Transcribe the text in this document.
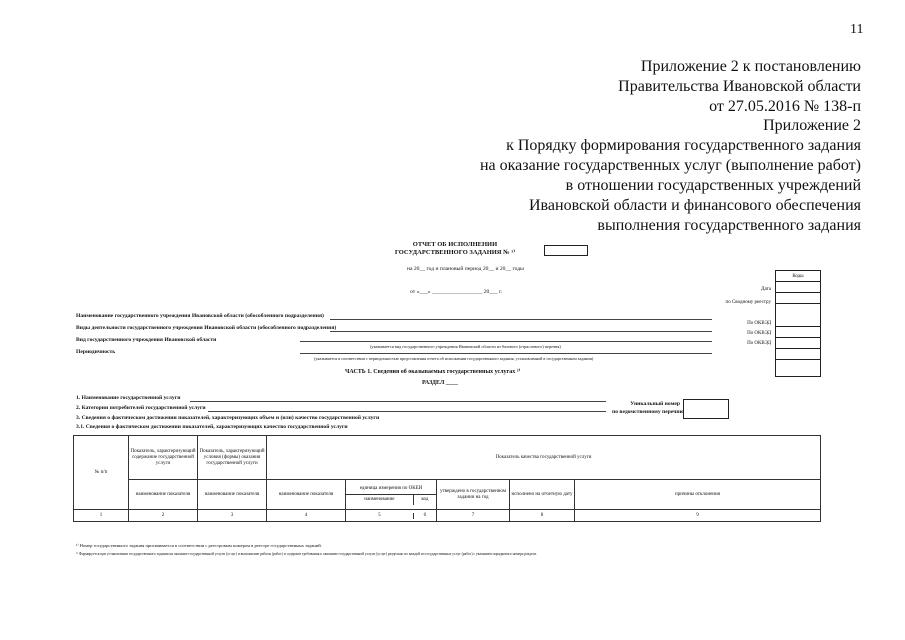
11
Приложение 2 к постановлению
Правительства Ивановской области
от 27.05.2016 № 138-п
Приложение 2
к Порядку формирования государственного задания
на оказание государственных услуг (выполнение работ)
в отношении государственных учреждений
Ивановской области и финансового обеспечения
выполнения государственного задания
ОТЧЕТ ОБ ИСПОЛНЕНИИ
ГОСУДАРСТВЕННОГО ЗАДАНИЯ № ¹⁾
на 20__ год и плановый период 20__ и 20__ годы
от «___» __________________ 20___ г.
Коды

Дата
по Сводному реестру
По ОКВЭД
По ОКВЭД
По ОКВЭД
Наименование государственного учреждения Ивановской области (обособленного подразделения)
Виды деятельности государственного учреждения Ивановской области (обособленного подразделения)
Вид государственного учреждения Ивановской области
(указывается вид государственного учреждения Ивановской области из базового (отраслевого) перечня)
Периодичность
(указывается в соответствии с периодичностью представления отчета об исполнении государственного задания, установленной в государственном задании)
ЧАСТЬ 1. Сведения об оказываемых государственных услугах ²⁾
РАЗДЕЛ ____
1. Наименование государственной услуги
2. Категории потребителей государственной услуги
3. Сведения о фактическом достижении показателей, характеризующих объем и (или) качество государственной услуги
3.1. Сведения о фактическом достижении показателей, характеризующих качество государственной услуги
Уникальный номер
по ведомственному перечню
№ п/п	Показатель, характеризующий содержание государственной услуги	Показатель, характеризующий условия (формы) оказания государственной услуги	Показатель качества государственной услуги				
	наименование показателя	наименование показателя	наименование показателя	единица измерения по ОКЕИ
наименование код	утверждено в государственном задании на год	исполнено на отчетную дату	причины отклонения
1	2	3	4	5 6	7	8	9
¹⁾ Номер государственного задания присваивается в соответствии с реестровым номером в реестре государственных заданий.
²⁾ Формируется при установлении государственного задания на оказание государственной услуги (услуг) и выполнение работы (работ) и содержит требования к оказанию государственной услуги (услуг) раздельно по каждой из государственных услуг (работ) с указанием порядкового номера раздела.
